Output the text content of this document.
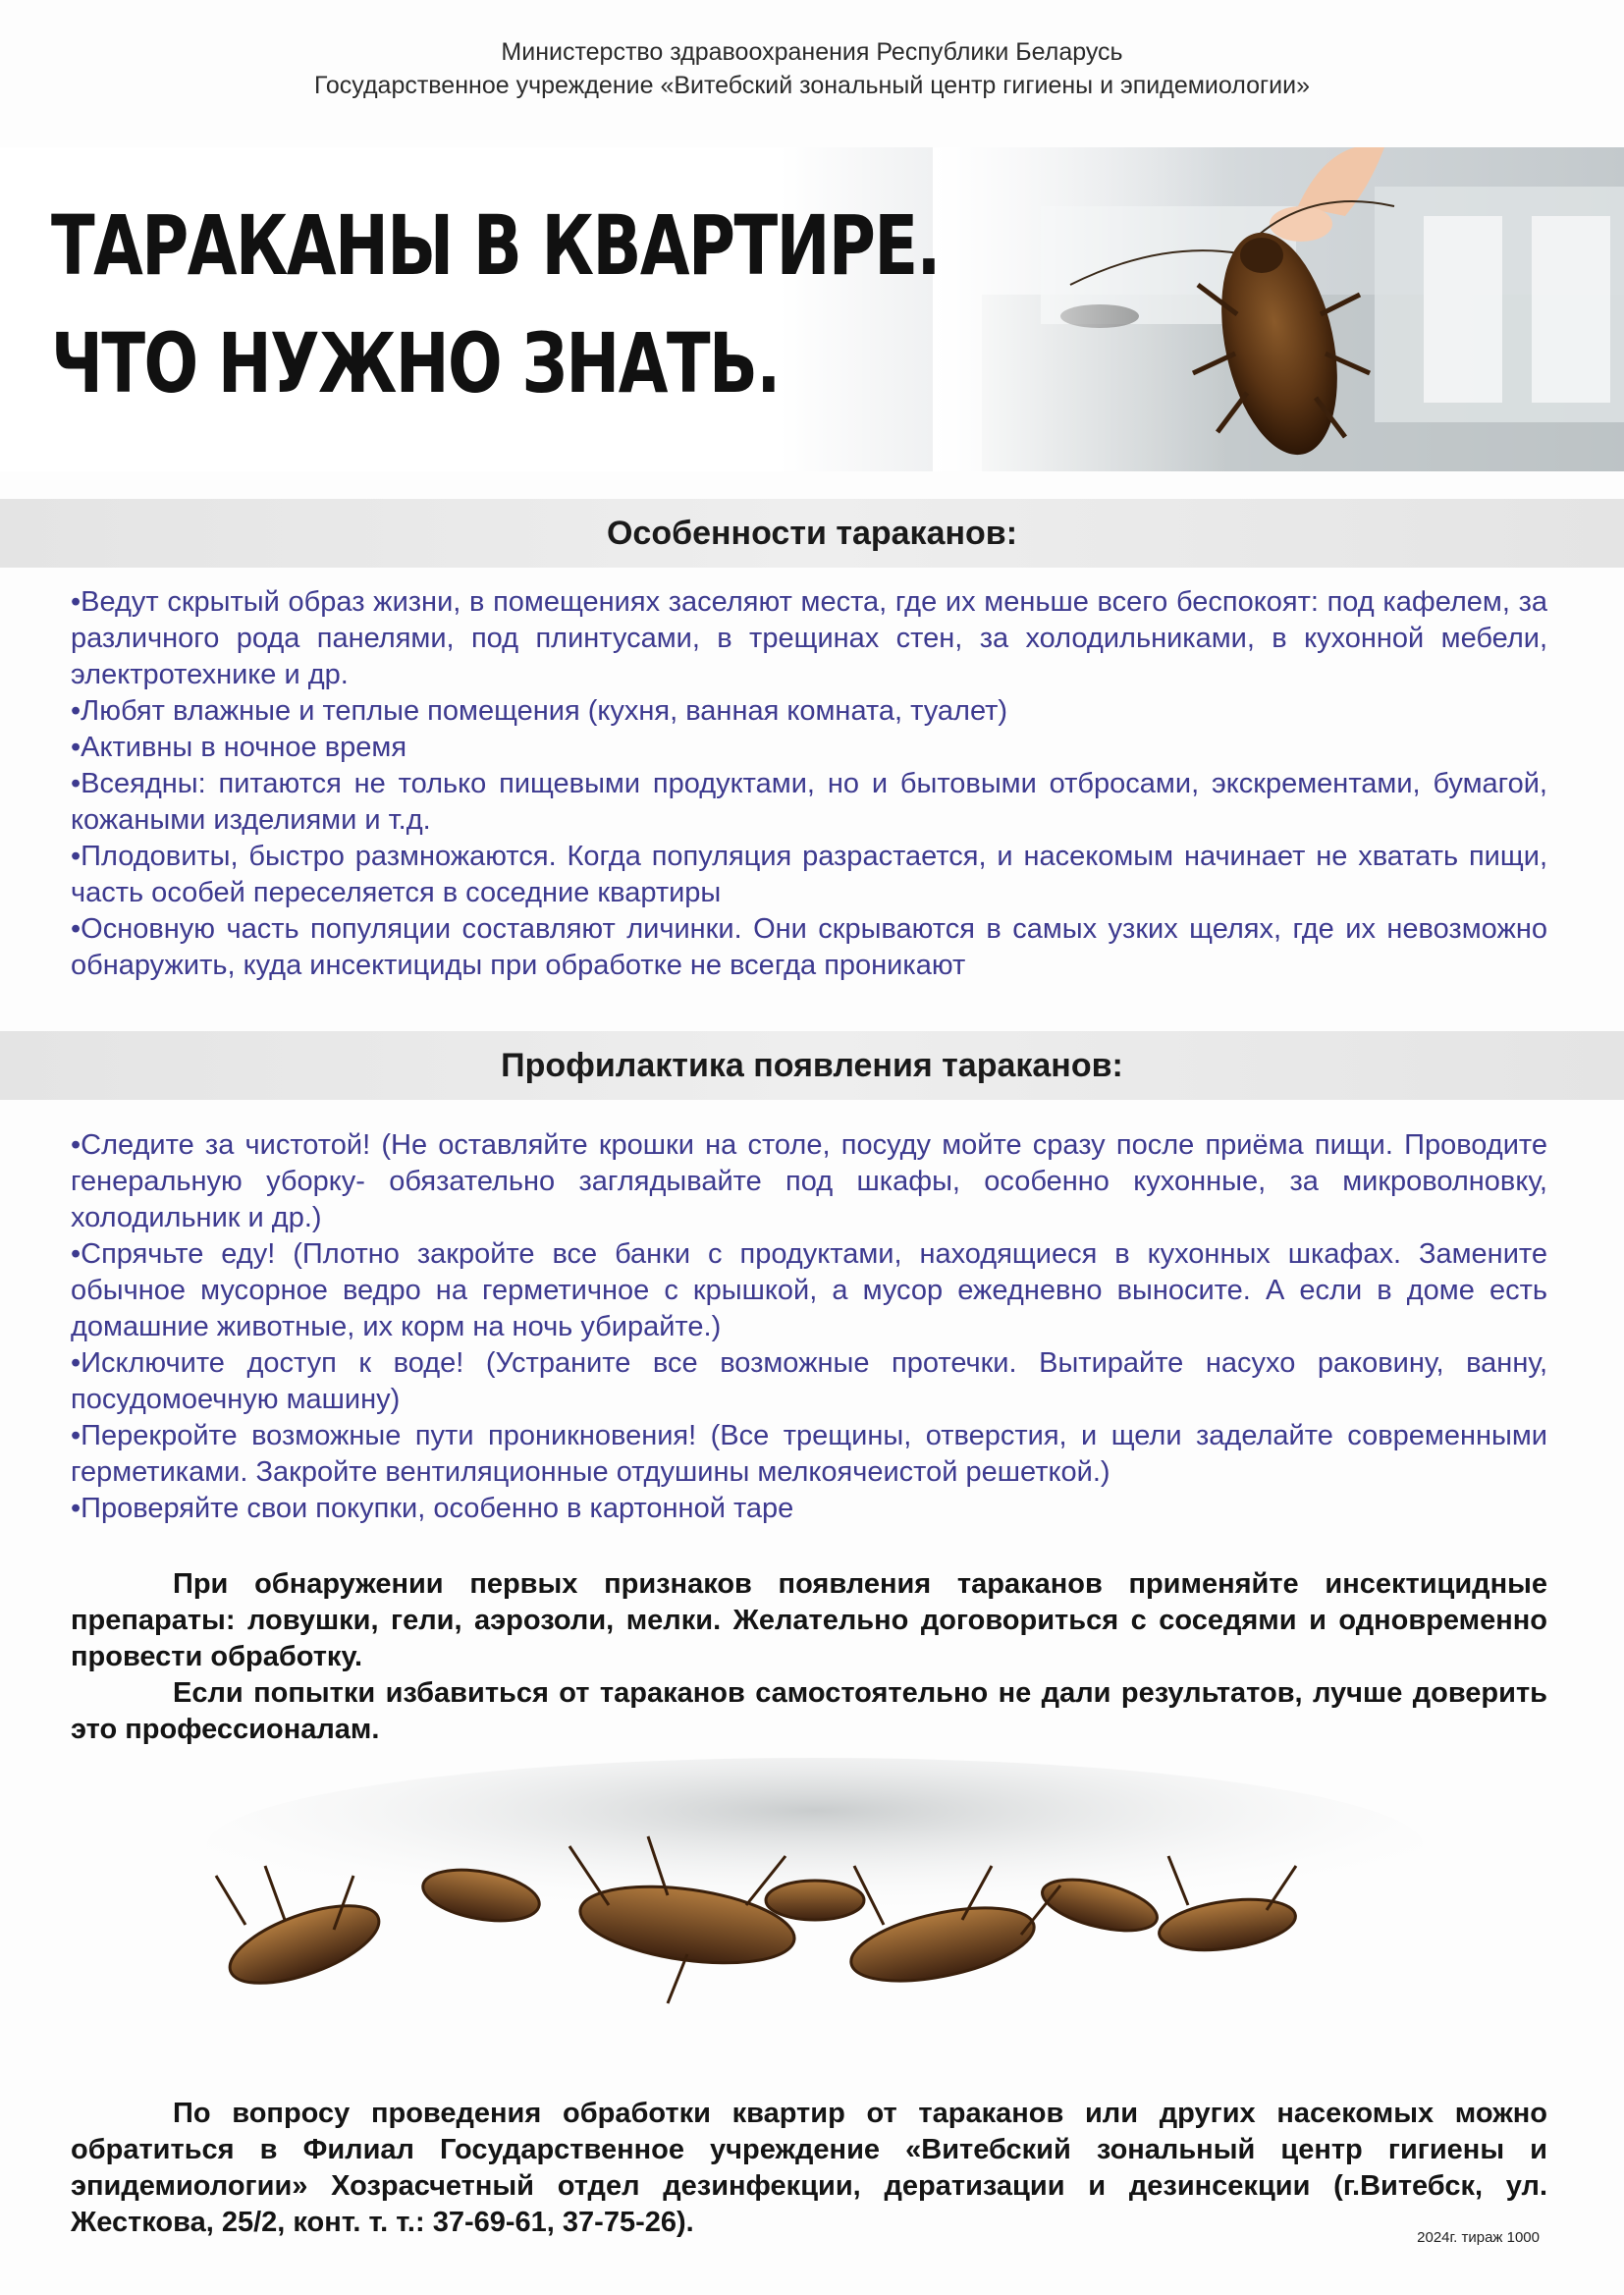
Министерство здравоохранения Республики Беларусь
Государственное учреждение «Витебский зональный центр гигиены и эпидемиологии»
ТАРАКАНЫ В КВАРТИРЕ.
ЧТО НУЖНО ЗНАТЬ.
Особенности тараканов:

• Ведут скрытый образ жизни, в помещениях заселяют места, где их меньше всего беспокоят: под кафелем, за различного рода панелями, под плинтусами, в трещинах стен, за холодильниками, в кухонной мебели, электротехнике и др.

• Любят влажные и теплые помещения (кухня, ванная комната, туалет)

• Активны в ночное время

• Всеядны: питаются не только пищевыми продуктами, но и бытовыми отбросами, экскрементами, бумагой, кожаными изделиями и т.д.

• Плодовиты, быстро размножаются. Когда популяция разрастается, и насекомым начинает не хватать пищи, часть особей переселяется в соседние квартиры

• Основную часть популяции составляют личинки. Они скрываются в самых узких щелях, где их невозможно обнаружить, куда инсектициды при обработке не всегда проникают

Профилактика появления тараканов:

• Следите за чистотой! (Не оставляйте крошки на столе, посуду мойте сразу после приёма пищи. Проводите генеральную уборку- обязательно заглядывайте под шкафы, особенно кухонные, за микроволновку, холодильник и др.)

• Спрячьте еду! (Плотно закройте все банки с продуктами, находящиеся в кухонных шкафах. Замените обычное мусорное ведро на герметичное с крышкой, а мусор ежедневно выносите. А если в доме есть домашние животные, их корм на ночь убирайте.)

• Исключите доступ к воде! (Устраните все возможные протечки. Вытирайте насухо раковину, ванну, посудомоечную машину)

• Перекройте возможные пути проникновения! (Все трещины, отверстия, и щели заделайте современными герметиками. Закройте вентиляционные отдушины мелкоячеистой решеткой.)

• Проверяйте свои покупки, особенно в картонной таре

При обнаружении первых признаков появления тараканов применяйте инсектицидные препараты: ловушки, гели, аэрозоли, мелки. Желательно договориться с соседями и одновременно провести обработку.

Если попытки избавиться от тараканов самостоятельно не дали результатов, лучше доверить это профессионалам.

По вопросу проведения обработки квартир от тараканов или других насекомых можно обратиться в Филиал Государственное учреждение «Витебский зональный центр гигиены и эпидемиологии» Хозрасчетный отдел дезинфекции, дератизации и дезинсекции (г.Витебск, ул. Жесткова, 25/2, конт. т. т.: 37-69-61, 37-75-26).	2024г. тираж 1000
